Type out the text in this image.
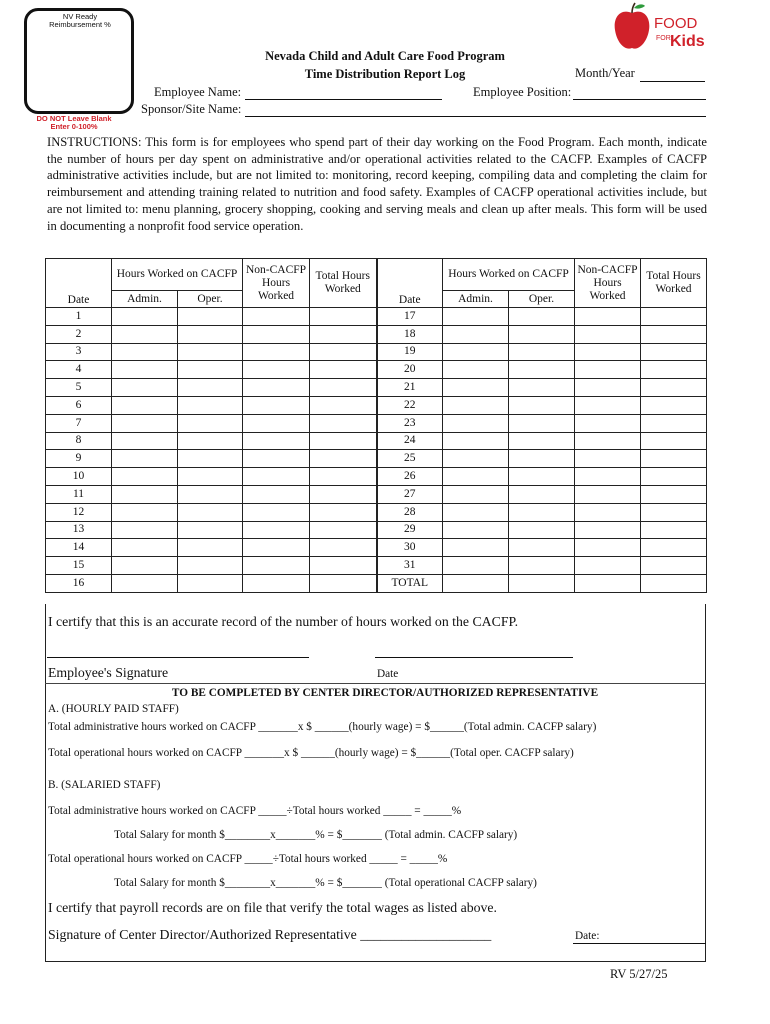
NV Ready Reimbursement %
DO NOT Leave Blank
Enter 0-100%
FOOD
FOR Kids
Nevada Child and Adult Care Food Program
Time Distribution Report Log	Month/Year
Employee Name:	Employee Position:
Sponsor/Site Name:
INSTRUCTIONS: This form is for employees who spend part of their day working on the Food Program. Each month, indicate the number of hours per day spent on administrative and/or operational activities related to the CACFP. Examples of CACFP administrative activities include, but are not limited to: monitoring, record keeping, compiling data and completing the claim for reimbursement and attending training related to nutrition and food safety. Examples of CACFP operational activities include, but are not limited to: menu planning, grocery shopping, cooking and serving meals and clean up after meals. This form will be used in documenting a nonprofit food service operation.
Date	Hours Worked on CACFP		Non-CACFP
Hours
Worked	Total Hours
Worked	Date	Hours Worked on CACFP		Non-CACFP
Hours
Worked	Total Hours
Worked
	Admin.	Oper.				Admin.	Oper.		
1					17				
2					18				
3					19				
4					20				
5					21				
6					22				
7					23				
8					24				
9					25				
10					26				
11					27				
12					28				
13					29				
14					30				
15					31				
16					TOTAL				
I certify that this is an accurate record of the number of hours worked on the CACFP.
Employee's Signature	Date
TO BE COMPLETED BY CENTER DIRECTOR/AUTHORIZED REPRESENTATIVE
A. (HOURLY PAID STAFF)
Total administrative hours worked on CACFP _______x $ ______(hourly wage) = $______(Total admin. CACFP salary)
Total operational hours worked on CACFP _______x $ ______(hourly wage) = $______(Total oper. CACFP salary)
B. (SALARIED STAFF)
Total administrative hours worked on CACFP _____÷Total hours worked _____ = _____%
Total Salary for month $________x_______% = $_______ (Total admin. CACFP salary)
Total operational hours worked on CACFP _____÷Total hours worked _____ = _____%
Total Salary for month $________x_______% = $_______ (Total operational CACFP salary)
I certify that payroll records are on file that verify the total wages as listed above.
Signature of Center Director/Authorized Representative ___________________	Date:
RV 5/27/25
